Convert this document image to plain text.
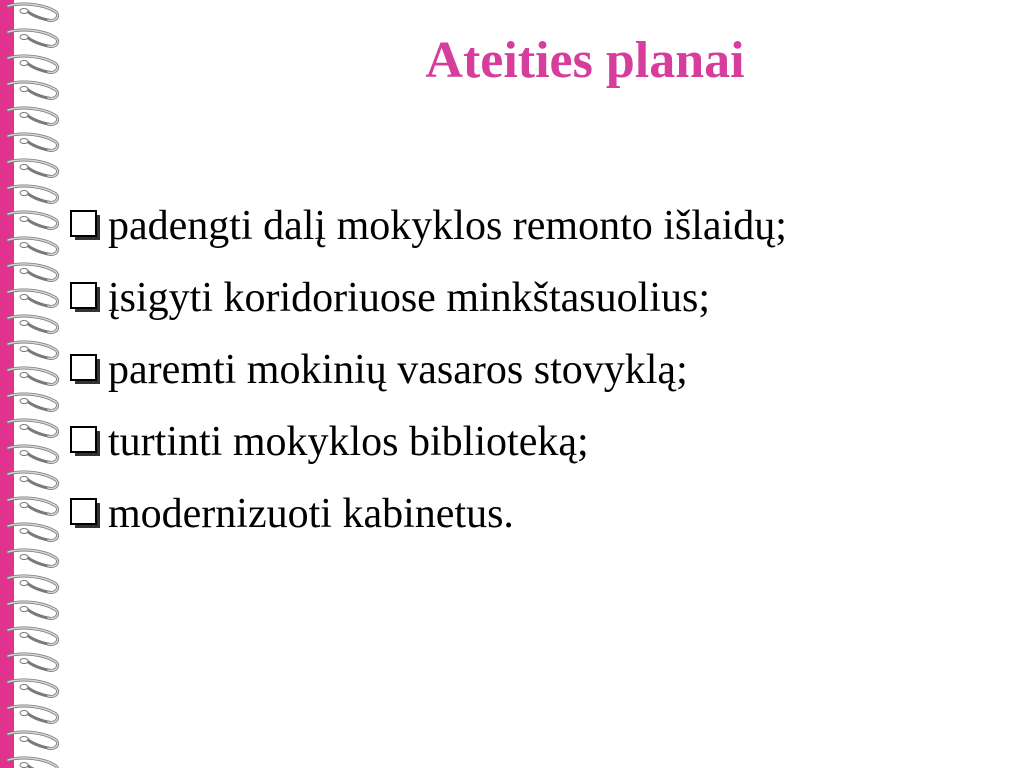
Ateities planai
padengti dalį mokyklos remonto išlaidų;
įsigyti koridoriuose minkštasuolius;
paremti mokinių vasaros stovyklą;
turtinti mokyklos biblioteką;
modernizuoti kabinetus.
